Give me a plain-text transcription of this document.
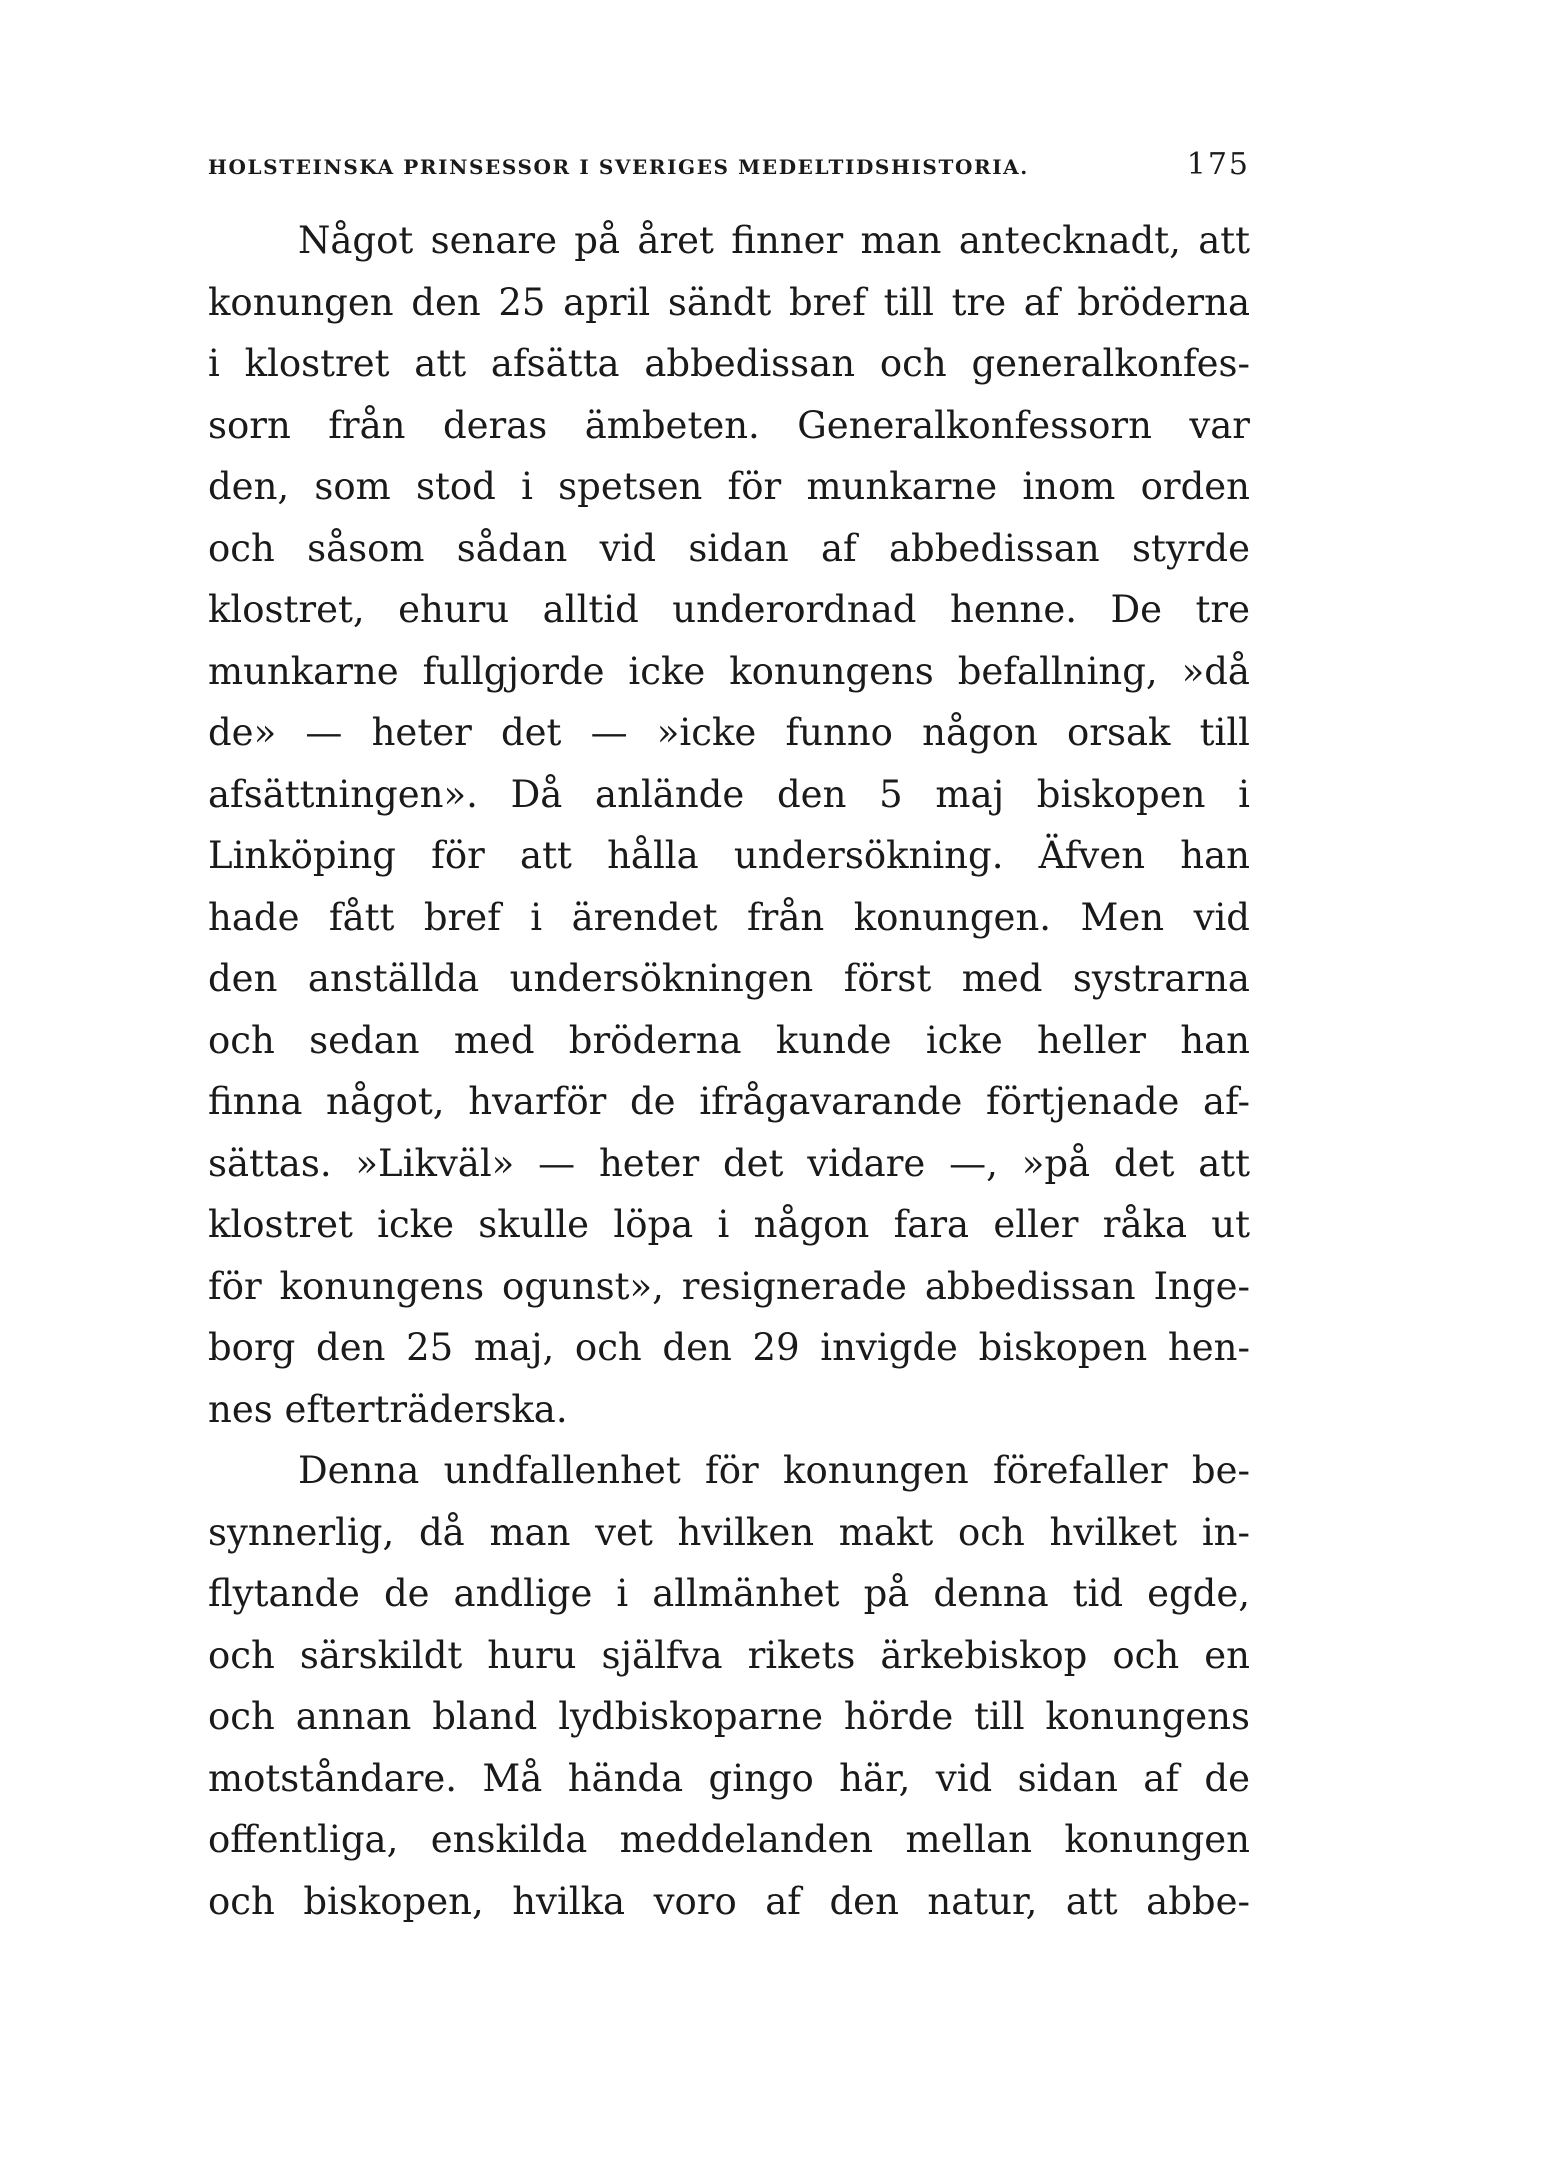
HOLSTEINSKA PRINSESSOR I SVERIGES MEDELTIDSHISTORIA.	175
Något senare på året finner man antecknadt, att
konungen den 25 april sändt bref till tre af bröderna
i klostret att afsätta abbedissan och generalkonfes-
sorn från deras ämbeten. Generalkonfessorn var
den, som stod i spetsen för munkarne inom orden
och såsom sådan vid sidan af abbedissan styrde
klostret, ehuru alltid underordnad henne. De tre
munkarne fullgjorde icke konungens befallning, »då
de» — heter det — »icke funno någon orsak till
afsättningen». Då anlände den 5 maj biskopen i
Linköping för att hålla undersökning. Äfven han
hade fått bref i ärendet från konungen. Men vid
den anställda undersökningen först med systrarna
och sedan med bröderna kunde icke heller han
finna något, hvarför de ifrågavarande förtjenade af-
sättas. »Likväl» — heter det vidare —, »på det att
klostret icke skulle löpa i någon fara eller råka ut
för konungens ogunst», resignerade abbedissan Inge-
borg den 25 maj, och den 29 invigde biskopen hen-
nes efterträderska.
Denna undfallenhet för konungen förefaller be-
synnerlig, då man vet hvilken makt och hvilket in-
flytande de andlige i allmänhet på denna tid egde,
och särskildt huru själfva rikets ärkebiskop och en
och annan bland lydbiskoparne hörde till konungens
motståndare. Må hända gingo här, vid sidan af de
offentliga, enskilda meddelanden mellan konungen
och biskopen, hvilka voro af den natur, att abbe-
